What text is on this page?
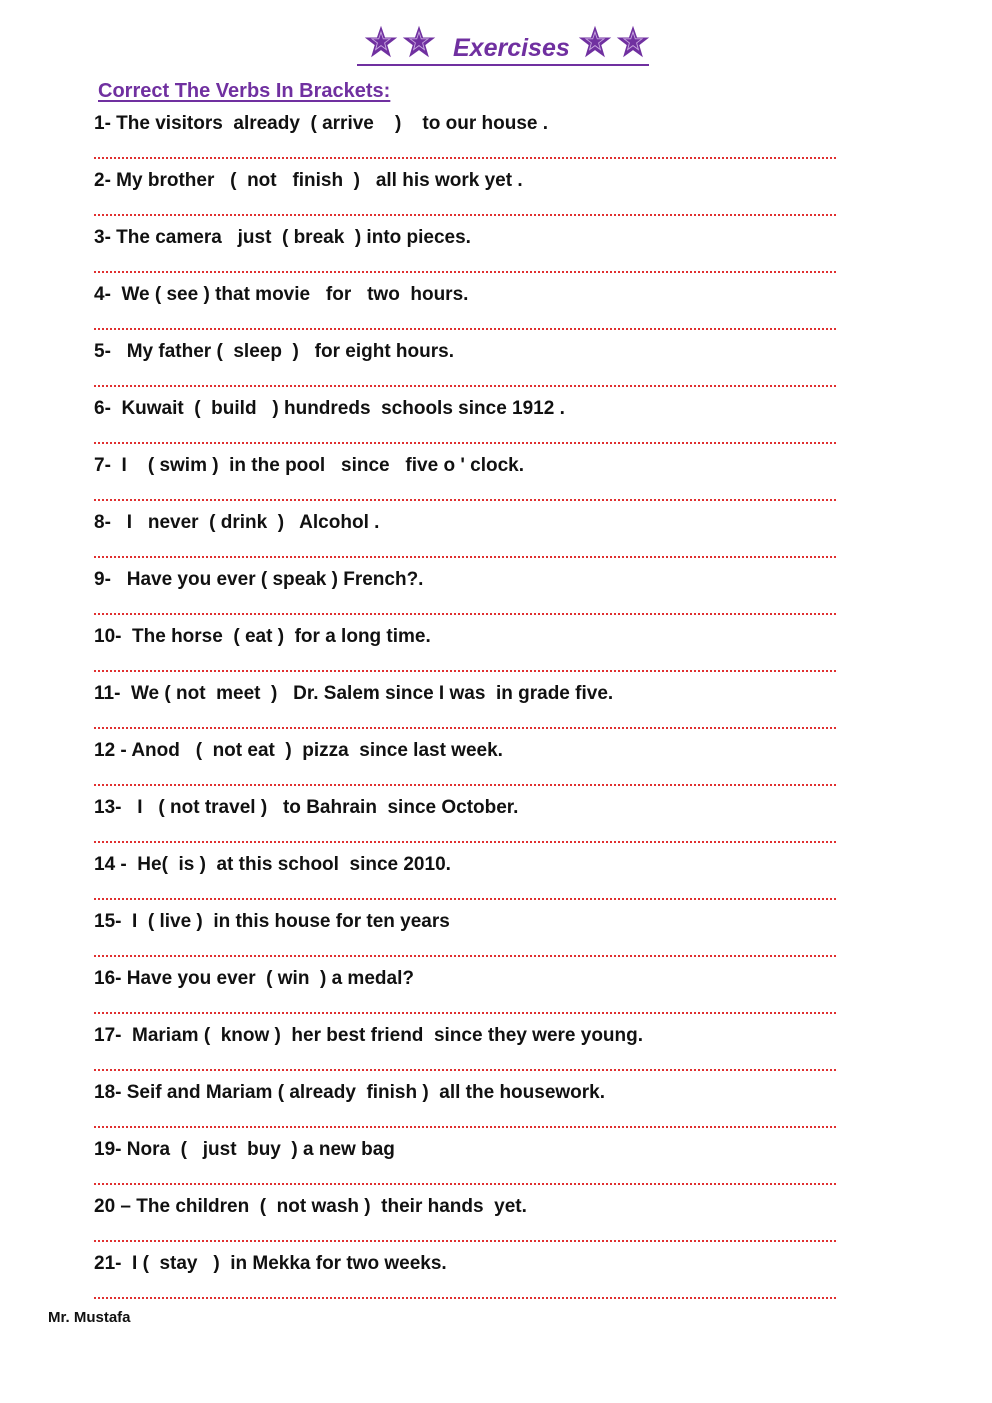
Exercises
Correct The Verbs In Brackets:
1- The visitors  already  ( arrive    )    to our house .
2- My brother   (  not   finish  )   all his work yet .
3- The camera   just  ( break  ) into pieces.
4-  We ( see ) that movie   for   two  hours.
5-   My father (  sleep  )   for eight hours.
6-  Kuwait  (  build   ) hundreds  schools since 1912 .
7-  I    ( swim )  in the pool   since   five o ' clock.
8-   I   never  ( drink  )   Alcohol .
9-   Have you ever ( speak ) French?.
10-  The horse  ( eat )  for a long time.
11-  We ( not  meet  )   Dr. Salem since I was  in grade five.
12 - Anod   (  not eat  )  pizza  since last week.
13-   I   ( not travel )   to Bahrain  since October.
14 -  He(  is )  at this school  since 2010.
15-  I  ( live )  in this house for ten years
16- Have you ever  ( win  ) a medal?
17-  Mariam (  know )  her best friend  since they were young.
18- Seif and Mariam ( already  finish )  all the housework.
19- Nora  (   just  buy  ) a new bag
20 – The children  (  not wash )  their hands  yet.
21-  I (  stay   )  in Mekka for two weeks.
Mr. Mustafa
